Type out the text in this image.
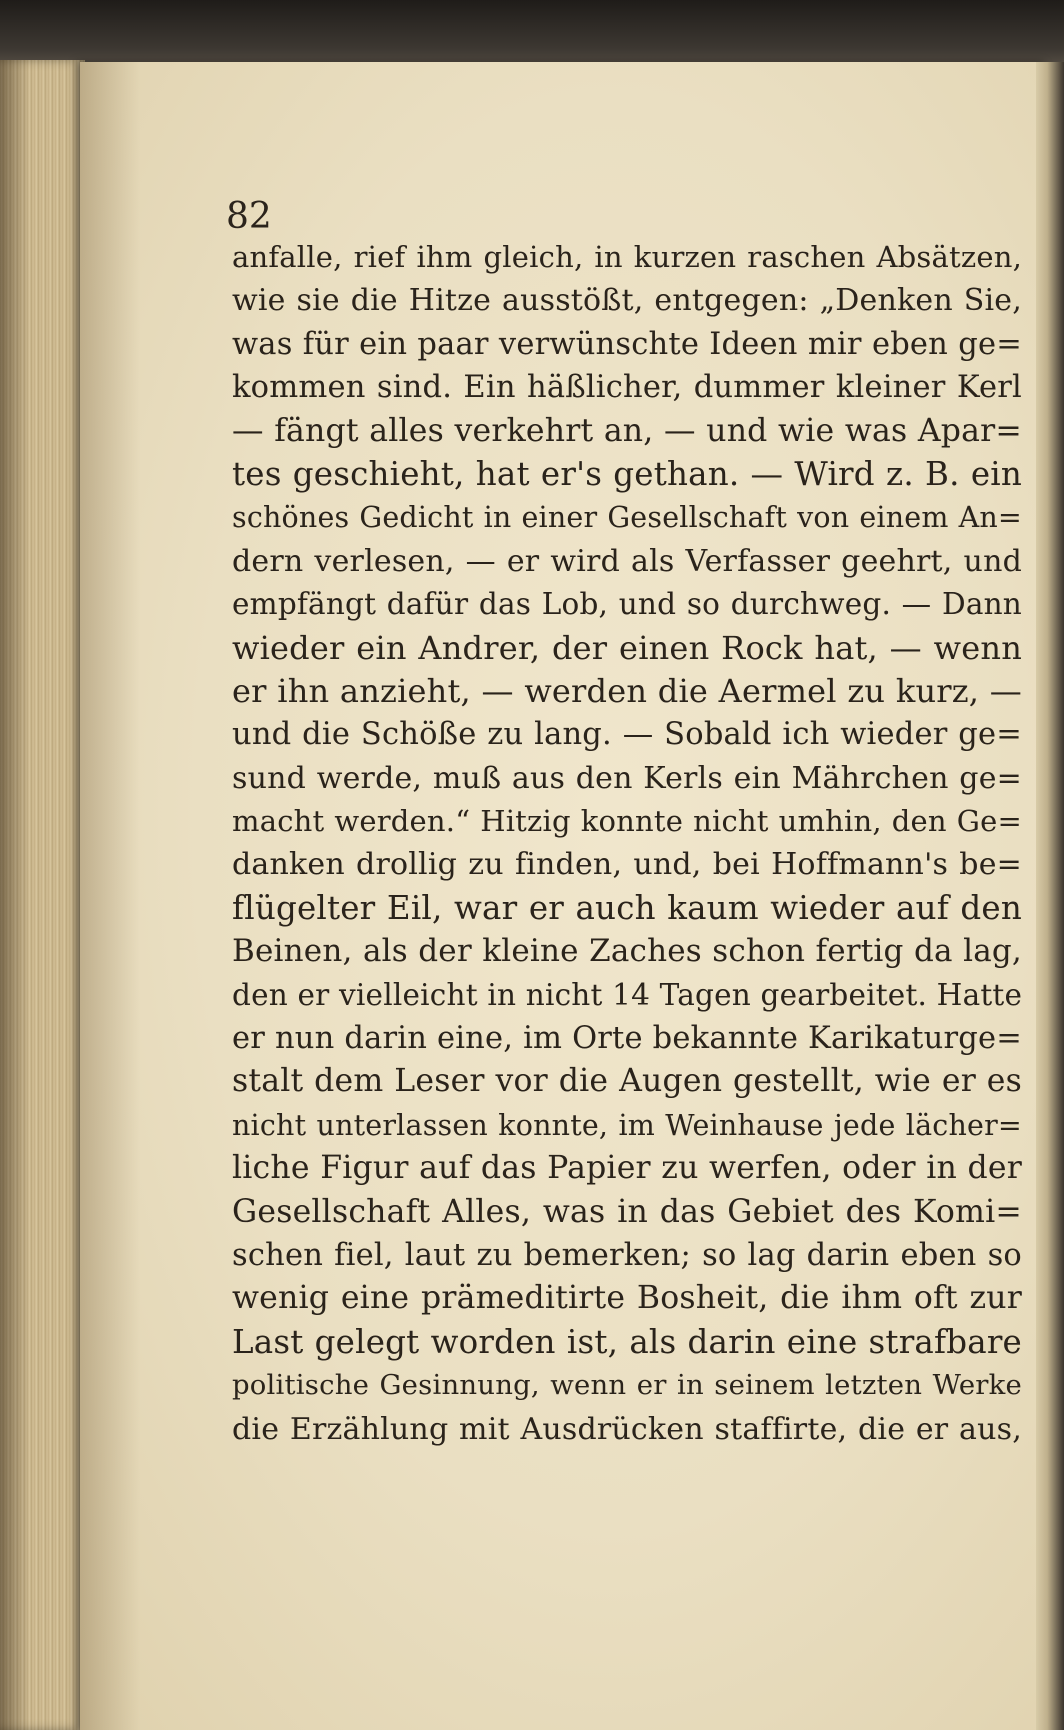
82

anfalle, rief ihm gleich, in kurzen raschen Absätzen,
wie sie die Hitze ausstößt, entgegen: „Denken Sie,
was für ein paar verwünschte Ideen mir eben ge=
kommen sind. Ein häßlicher, dummer kleiner Kerl
— fängt alles verkehrt an, — und wie was Apar=
tes geschieht, hat er's gethan. — Wird z. B. ein
schönes Gedicht in einer Gesellschaft von einem An=
dern verlesen, — er wird als Verfasser geehrt, und
empfängt dafür das Lob, und so durchweg. — Dann
wieder ein Andrer, der einen Rock hat, — wenn
er ihn anzieht, — werden die Aermel zu kurz, —
und die Schöße zu lang. — Sobald ich wieder ge=
sund werde, muß aus den Kerls ein Mährchen ge=
macht werden.“ Hitzig konnte nicht umhin, den Ge=
danken drollig zu finden, und, bei Hoffmann's be=
flügelter Eil, war er auch kaum wieder auf den
Beinen, als der kleine Zaches schon fertig da lag,
den er vielleicht in nicht 14 Tagen gearbeitet. Hatte
er nun darin eine, im Orte bekannte Karikaturge=
stalt dem Leser vor die Augen gestellt, wie er es
nicht unterlassen konnte, im Weinhause jede lächer=
liche Figur auf das Papier zu werfen, oder in der
Gesellschaft Alles, was in das Gebiet des Komi=
schen fiel, laut zu bemerken; so lag darin eben so
wenig eine prämeditirte Bosheit, die ihm oft zur
Last gelegt worden ist, als darin eine strafbare
politische Gesinnung, wenn er in seinem letzten Werke
die Erzählung mit Ausdrücken staffirte, die er aus,
